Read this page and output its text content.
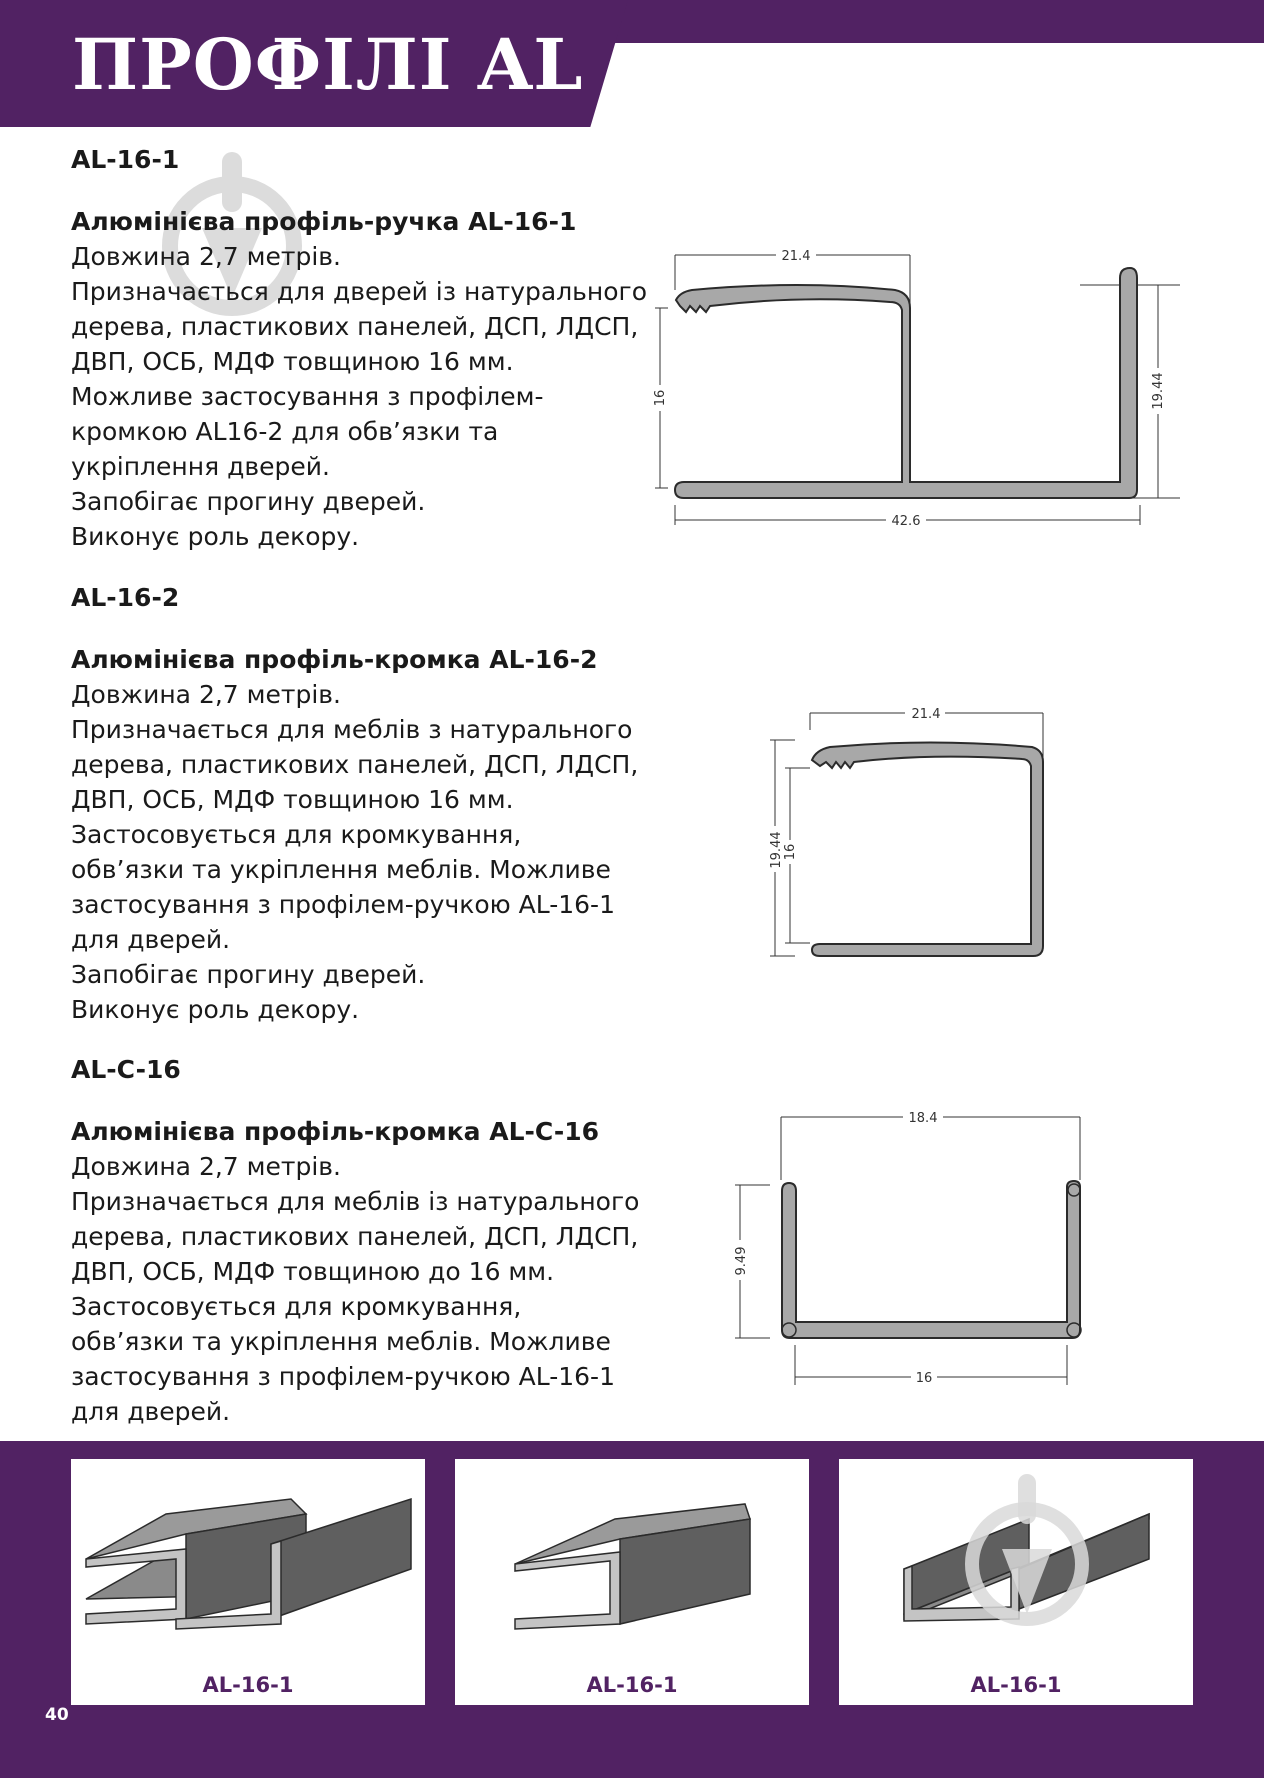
ПРОФІЛІ AL

AL-16-1

Алюмінієва профіль-ручка AL-16-1

Довжина 2,7 метрів.
Призначається для дверей із натурального
дерева, пластикових панелей, ДСП, ЛДСП,
ДВП, ОСБ, МДФ товщиною 16 мм.
Можливе застосування з профілем-
кромкою AL16-2 для обв’язки та
укріплення дверей.
Запобігає прогину дверей.
Виконує роль декору.
21.4
16	19.44
42.6

AL-16-2

Алюмінієва профіль-кромка AL-16-2

Довжина 2,7 метрів.
Призначається для меблів з натурального
дерева, пластикових панелей, ДСП, ЛДСП,
ДВП, ОСБ, МДФ товщиною 16 мм.
Застосовується для кромкування,
обв’язки та укріплення меблів. Можливе
застосування з профілем-ручкою AL-16-1
для дверей.
Запобігає прогину дверей.
Виконує роль декору.
21.4
19.44 16

AL-C-16

Алюмінієва профіль-кромка AL-C-16

Довжина 2,7 метрів.
Призначається для меблів із натурального
дерева, пластикових панелей, ДСП, ЛДСП,
ДВП, ОСБ, МДФ товщиною до 16 мм.
Застосовується для кромкування,
обв’язки та укріплення меблів. Можливе
застосування з профілем-ручкою AL-16-1
для дверей.
18.4
9.49
16
AL-16-1	AL-16-1	AL-16-1
40
